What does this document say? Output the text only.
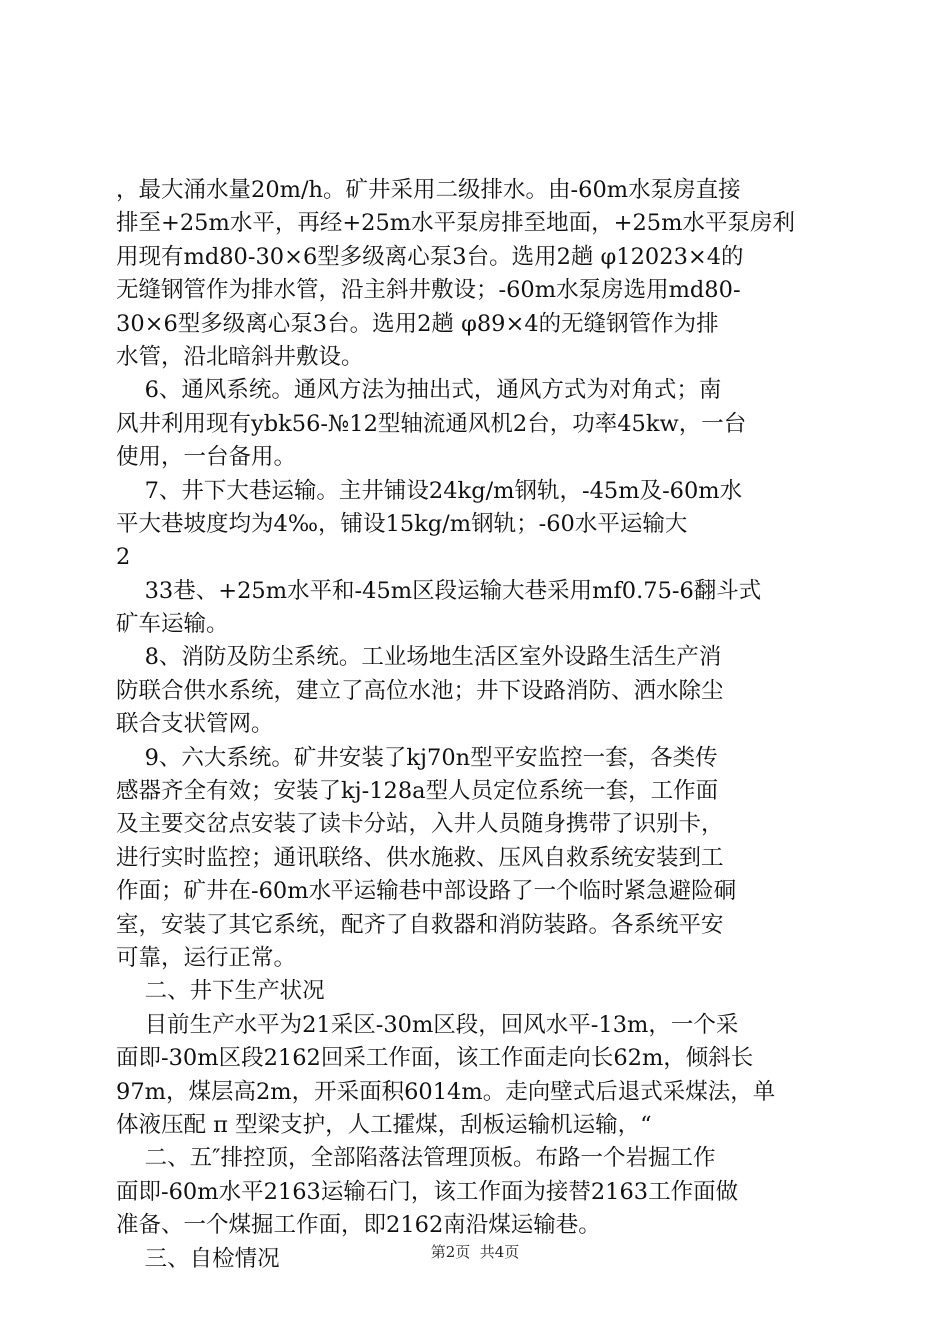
，最大涌水量20m/h。矿井采用二级排水。由-60m水泵房直接
排至+25m水平，再经+25m水平泵房排至地面，+25m水平泵房利
用现有md80-30×6型多级离心泵3台。选用2趟 φ12023×4的
无缝钢管作为排水管，沿主斜井敷设；-60m水泵房选用md80-
30×6型多级离心泵3台。选用2趟 φ89×4的无缝钢管作为排
水管，沿北暗斜井敷设。
6、通风系统。通风方法为抽出式，通风方式为对角式；南
风井利用现有ybk56-№12型轴流通风机2台，功率45kw，一台
使用，一台备用。
7、井下大巷运输。主井铺设24kg/m钢轨，-45m及-60m水
平大巷坡度均为4‰，铺设15kg/m钢轨；-60水平运输大
2
33巷、+25m水平和-45m区段运输大巷采用mf0.75-6翻斗式
矿车运输。
8、消防及防尘系统。工业场地生活区室外设路生活生产消
防联合供水系统，建立了高位水池；井下设路消防、洒水除尘
联合支状管网。
9、六大系统。矿井安装了kj70n型平安监控一套，各类传
感器齐全有效；安装了kj-128a型人员定位系统一套，工作面
及主要交岔点安装了读卡分站，入井人员随身携带了识别卡，
进行实时监控；通讯联络、供水施救、压风自救系统安装到工
作面；矿井在-60m水平运输巷中部设路了一个临时紧急避险硐
室，安装了其它系统，配齐了自救器和消防装路。各系统平安
可靠，运行正常。
二、井下生产状况
目前生产水平为21采区-30m区段，回风水平-13m，一个采
面即-30m区段2162回采工作面，该工作面走向长62m，倾斜长
97m，煤层高2m，开采面积6014m。走向壁式后退式采煤法，单
体液压配 π 型梁支护，人工攉煤，刮板运输机运输，“
二、五″排控顶，全部陷落法管理顶板。布路一个岩掘工作
面即-60m水平2163运输石门，该工作面为接替2163工作面做
准备、一个煤掘工作面，即2162南沿煤运输巷。
三、自检情况	第2页  共4页
